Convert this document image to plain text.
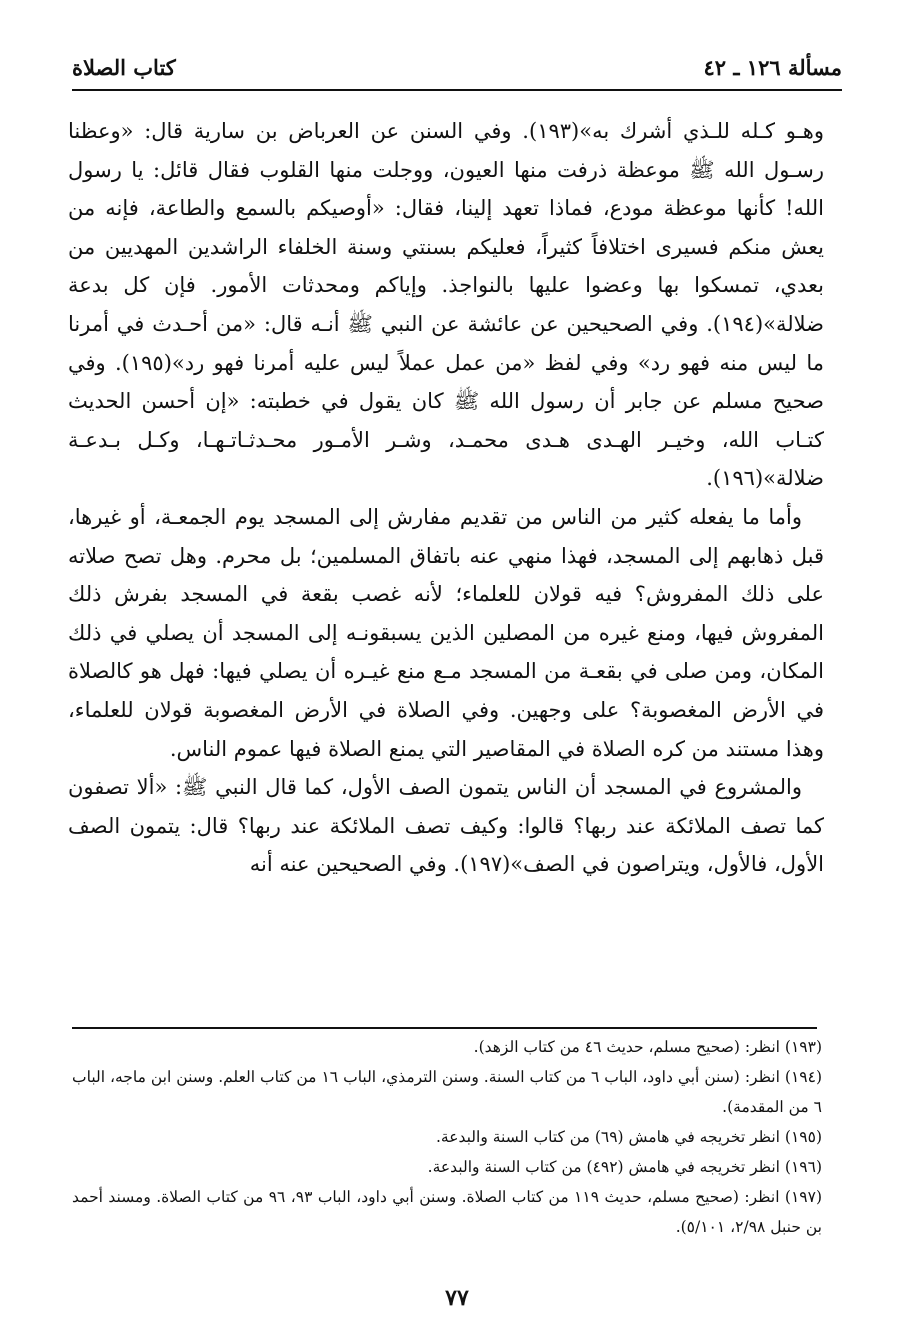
مسألة ١٢٦ ـ ٤٢
كتاب الصلاة

وهـو كـله للـذي أشرك به»(١٩٣). وفي السنن عن العرباض بن سارية قال: «وعظنا رسـول الله ﷺ موعظة ذرفت منها العيون، ووجلت منها القلوب فقال قائل: يا رسول الله! كأنها موعظة مودع، فماذا تعهد إلينا، فقال: «أوصيكم بالسمع والطاعة، فإنه من يعش منكم فسيرى اختلافاً كثيراً، فعليكم بسنتي وسنة الخلفاء الراشدين المهديين من بعدي، تمسكوا بها وعضوا عليها بالنواجذ. وإياكم ومحدثات الأمور. فإن كل بدعة ضلالة»(١٩٤). وفي الصحيحين عن عائشة عن النبي ﷺ أنـه قال: «من أحـدث في أمرنا ما ليس منه فهو رد» وفي لفظ «من عمل عملاً ليس عليه أمرنا فهو رد»(١٩٥). وفي صحيح مسلم عن جابر أن رسول الله ﷺ كان يقول في خطبته: «إن أحسن الحديث كتـاب الله، وخيـر الهـدى هـدى محمـد، وشـر الأمـور محـدثـاتـهـا، وكـل بـدعـة ضلالة»(١٩٦).

وأما ما يفعله كثير من الناس من تقديم مفارش إلى المسجد يوم الجمعـة، أو غيرها، قبل ذهابهم إلى المسجد، فهذا منهي عنه باتفاق المسلمين؛ بل محرم. وهل تصح صلاته على ذلك المفروش؟ فيه قولان للعلماء؛ لأنه غصب بقعة في المسجد بفرش ذلك المفروش فيها، ومنع غيره من المصلين الذين يسبقونـه إلى المسجد أن يصلي في ذلك المكان، ومن صلى في بقعـة من المسجد مـع منع غيـره أن يصلي فيها: فهل هو كالصلاة في الأرض المغصوبة؟ على وجهين. وفي الصلاة في الأرض المغصوبة قولان للعلماء، وهذا مستند من كره الصلاة في المقاصير التي يمنع الصلاة فيها عموم الناس.

والمشروع في المسجد أن الناس يتمون الصف الأول، كما قال النبي ﷺ: «ألا تصفون كما تصف الملائكة عند ربها؟ قالوا: وكيف تصف الملائكة عند ربها؟ قال: يتمون الصف الأول، فالأول، ويتراصون في الصف»(١٩٧). وفي الصحيحين عنه أنه

(١٩٣) انظر: (صحيح مسلم، حديث ٤٦ من كتاب الزهد).

(١٩٤) انظر: (سنن أبي داود، الباب ٦ من كتاب السنة. وسنن الترمذي، الباب ١٦ من كتاب العلم. وسنن ابن ماجه، الباب ٦ من المقدمة).

(١٩٥) انظر تخريجه في هامش (٦٩) من كتاب السنة والبدعة.

(١٩٦) انظر تخريجه في هامش (٤٩٢) من كتاب السنة والبدعة.

(١٩٧) انظر: (صحيح مسلم، حديث ١١٩ من كتاب الصلاة. وسنن أبي داود، الباب ٩٣، ٩٦ من كتاب الصلاة. ومسند أحمد بن حنبل ٢/٩٨، ٥/١٠١).

٧٧
